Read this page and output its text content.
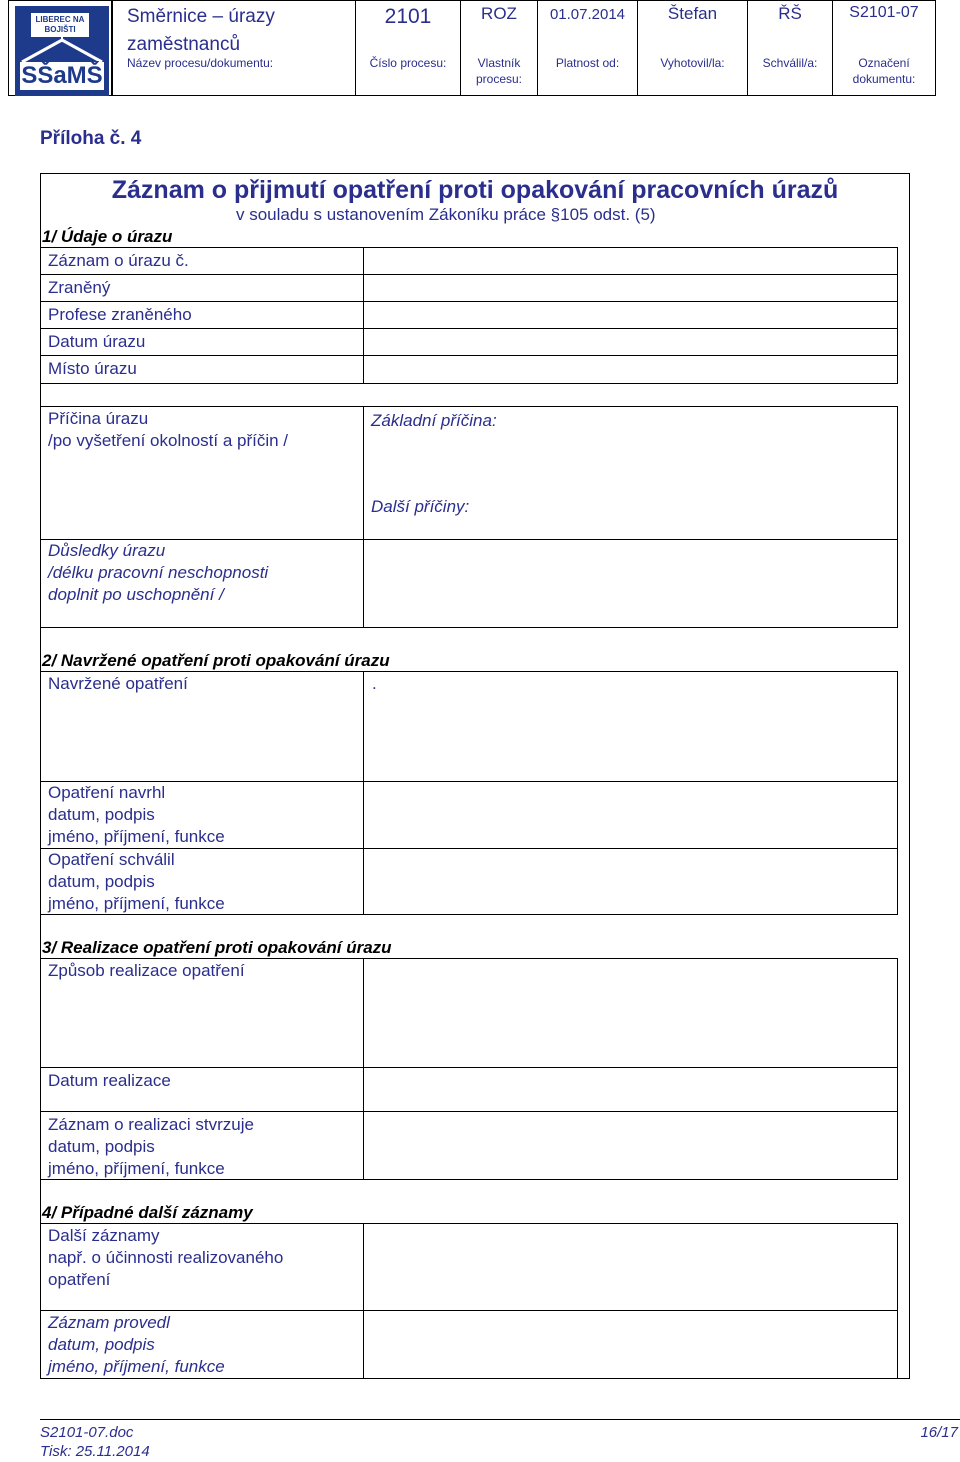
LIBEREC NA BOJIŠTI
SŠaMŠ
Směrnice – úrazy zaměstnanců
Název procesu/dokumentu:
2101
Číslo procesu:
ROZ
Vlastník procesu:
01.07.2014
Platnost od:
Štefan
Vyhotovil/la:
ŘŠ
Schválil/a:
S2101-07
Označení dokumentu:
Příloha č. 4
Záznam o přijmutí opatření proti opakování pracovních úrazů
v souladu s ustanovením Zákoníku práce §105 odst. (5)
1/ Údaje o úrazu
Záznam o úrazu č.
Zraněný
Profese zraněného
Datum úrazu
Místo úrazu
Příčina úrazu
/po vyšetření okolností a příčin /
Základní příčina:
Další příčiny:
Důsledky úrazu
/délku pracovní neschopnosti
doplnit po uschopnění /
2/ Navržené opatření proti opakování úrazu
Navržené opatření	.
Opatření navrhl
datum, podpis
jméno, příjmení, funkce
Opatření schválil
datum, podpis
jméno, příjmení, funkce
3/ Realizace opatření proti opakování úrazu
Způsob realizace opatření
Datum realizace
Záznam o realizaci stvrzuje
datum, podpis
jméno, příjmení, funkce
4/ Případné další záznamy
Další záznamy
např. o účinnosti realizovaného
opatření
Záznam provedl
datum, podpis
jméno, příjmení, funkce
S2101-07.doc	16/17
Tisk: 25.11.2014
